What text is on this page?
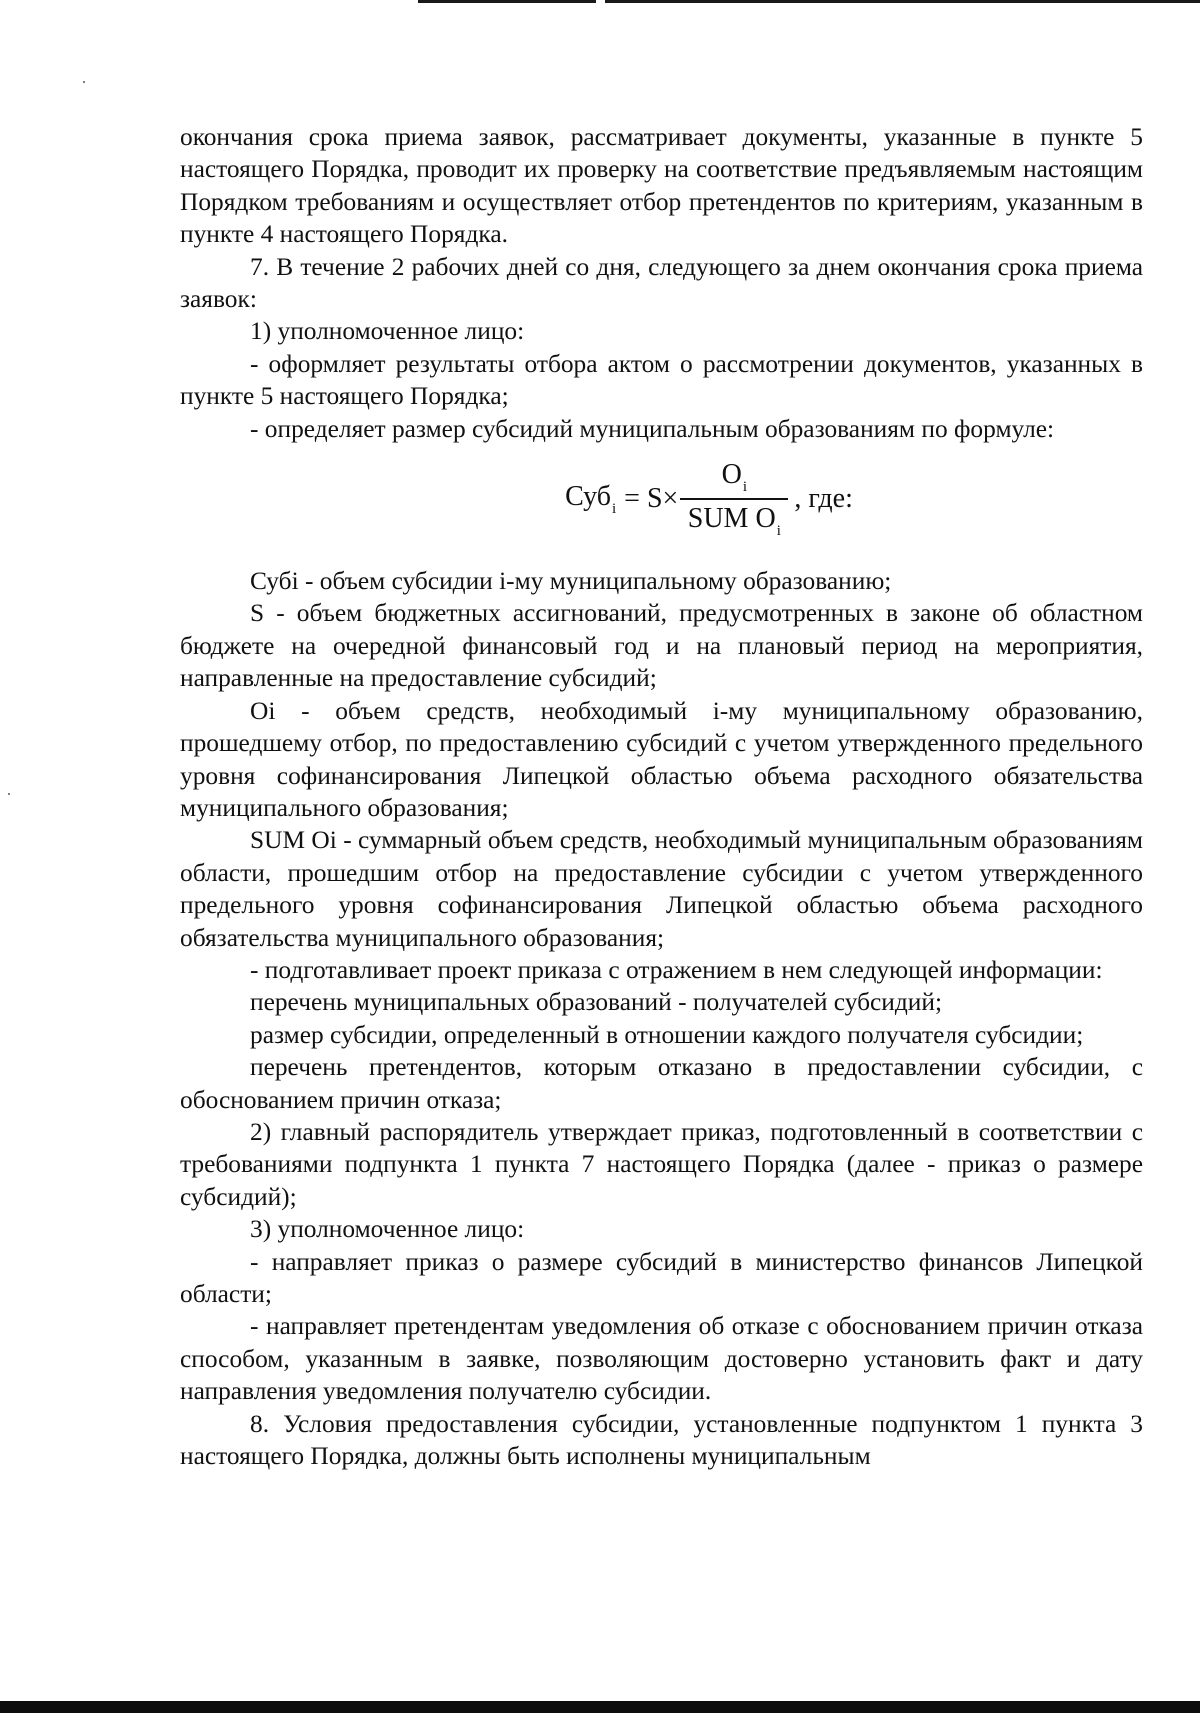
окончания срока приема заявок, рассматривает документы, указанные в пункте 5 настоящего Порядка, проводит их проверку на соответствие предъявляемым настоящим Порядком требованиям и осуществляет отбор претендентов по критериям, указанным в пункте 4 настоящего Порядка.

7. В течение 2 рабочих дней со дня, следующего за днем окончания срока приема заявок:

1) уполномоченное лицо:

- оформляет результаты отбора актом о рассмотрении документов, указанных в пункте 5 настоящего Порядка;

- определяет размер субсидий муниципальным образованиям по формуле:

$Суб_i = S\times \frac{O_i}{SUM O_i}$ , где:

Субi - объем субсидии i-му муниципальному образованию;

S - объем бюджетных ассигнований, предусмотренных в законе об областном бюджете на очередной финансовый год и на плановый период на мероприятия, направленные на предоставление субсидий;

Oi - объем средств, необходимый i-му муниципальному образованию, прошедшему отбор, по предоставлению субсидий с учетом утвержденного предельного уровня софинансирования Липецкой областью объема расходного обязательства муниципального образования;

SUM Oi - суммарный объем средств, необходимый муниципальным образованиям области, прошедшим отбор на предоставление субсидии с учетом утвержденного предельного уровня софинансирования Липецкой областью объема расходного обязательства муниципального образования;

- подготавливает проект приказа с отражением в нем следующей информации:

перечень муниципальных образований - получателей субсидий;

размер субсидии, определенный в отношении каждого получателя субсидии;

перечень претендентов, которым отказано в предоставлении субсидии, с обоснованием причин отказа;

2) главный распорядитель утверждает приказ, подготовленный в соответствии с требованиями подпункта 1 пункта 7 настоящего Порядка (далее - приказ о размере субсидий);

3) уполномоченное лицо:

- направляет приказ о размере субсидий в министерство финансов Липецкой области;

- направляет претендентам уведомления об отказе с обоснованием причин отказа способом, указанным в заявке, позволяющим достоверно установить факт и дату направления уведомления получателю субсидии.

8. Условия предоставления субсидии, установленные подпунктом 1 пункта 3 настоящего Порядка, должны быть исполнены муниципальным
